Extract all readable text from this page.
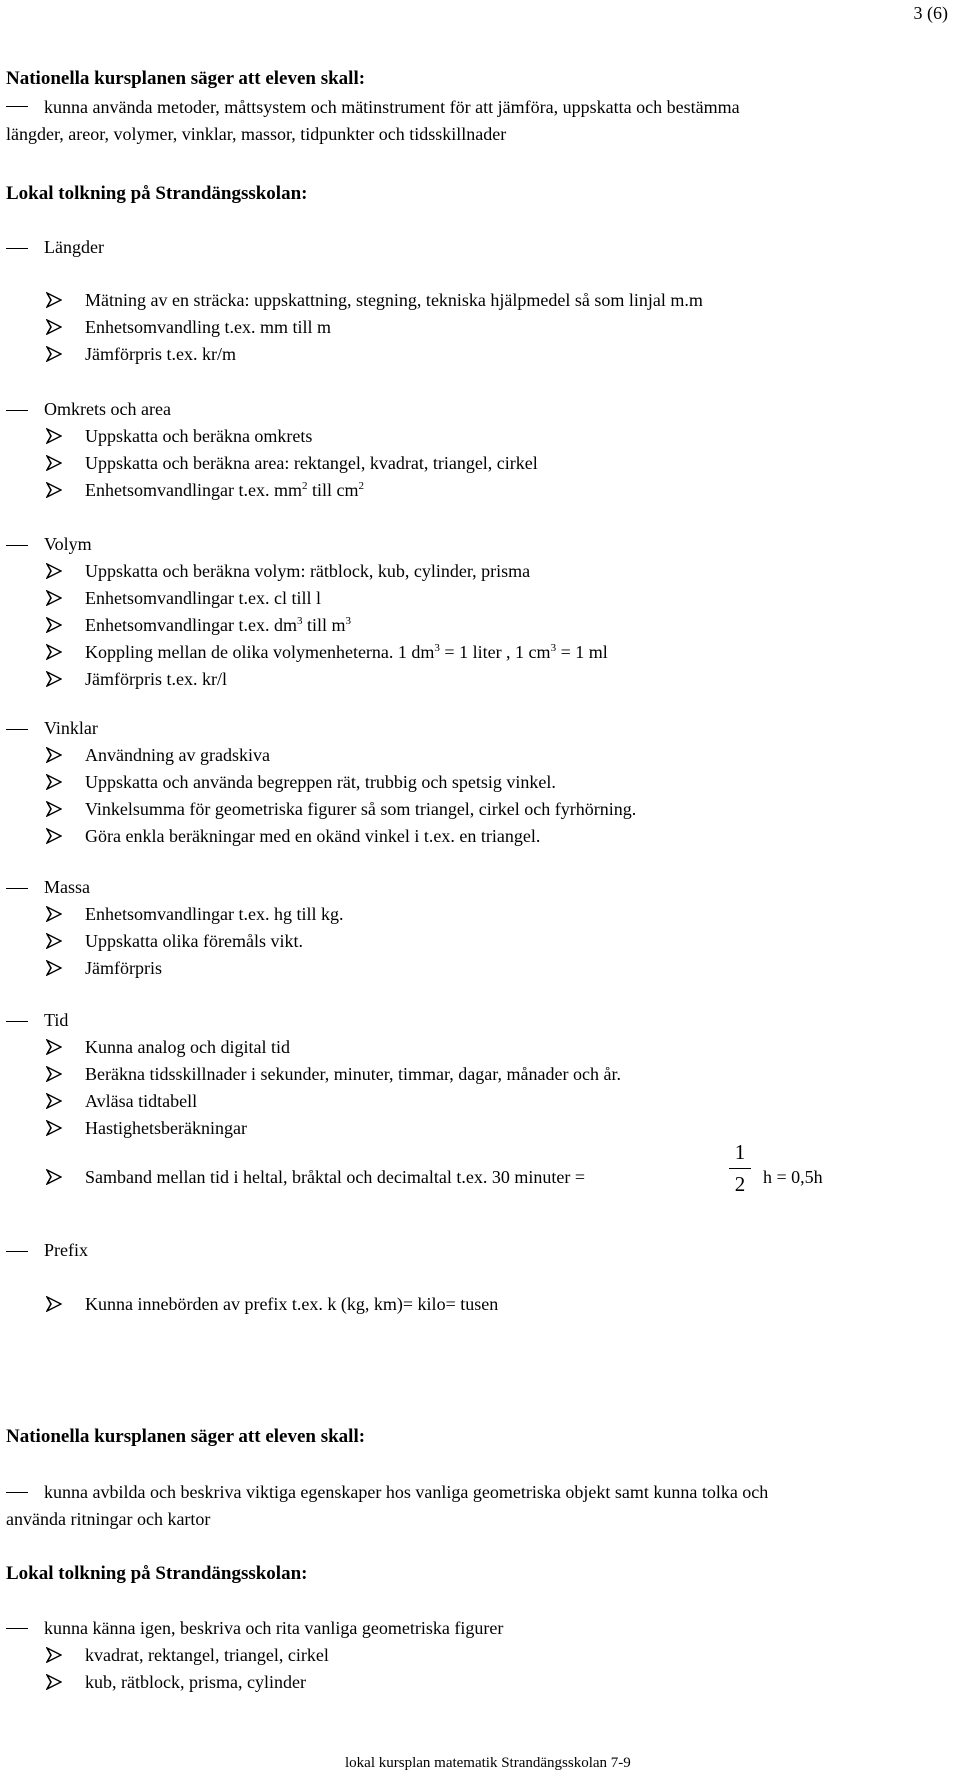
3 (6)
Nationella kursplanen säger att eleven skall:
kunna använda metoder, måttsystem och mätinstrument för att jämföra, uppskatta och bestämma
längder, areor, volymer, vinklar, massor, tidpunkter och tidsskillnader
Lokal tolkning på Strandängsskolan:
Längder
Mätning av en sträcka: uppskattning, stegning, tekniska hjälpmedel så som linjal m.m
Enhetsomvandling t.ex. mm till m
Jämförpris t.ex. kr/m
Omkrets och area
Uppskatta och beräkna omkrets
Uppskatta och beräkna area: rektangel, kvadrat, triangel, cirkel
Enhetsomvandlingar t.ex. $mm^2$ till $cm^2$
Volym
Uppskatta och beräkna volym: rätblock, kub, cylinder, prisma
Enhetsomvandlingar t.ex. cl till l
Enhetsomvandlingar t.ex. $dm^3$ till $m^3$
Koppling mellan de olika volymenheterna. 1 $dm^3 = 1$ liter , 1 $cm^3 = 1$ ml
Jämförpris t.ex. kr/l
Vinklar
Användning av gradskiva
Uppskatta och använda begreppen rät, trubbig och spetsig vinkel.
Vinkelsumma för geometriska figurer så som triangel, cirkel och fyrhörning.
Göra enkla beräkningar med en okänd vinkel i t.ex. en triangel.
Massa
Enhetsomvandlingar t.ex. hg till kg.
Uppskatta olika föremåls vikt.
Jämförpris
Tid
Kunna analog och digital tid
Beräkna tidsskillnader i sekunder, minuter, timmar, dagar, månader och år.
Avläsa tidtabell
Hastighetsberäkningar
Samband mellan tid i heltal, bråktal och decimaltal t.ex. 30 minuter =
1
2 h = 0,5h
Prefix
Kunna innebörden av prefix t.ex. k (kg, km)= kilo= tusen
Nationella kursplanen säger att eleven skall:
kunna avbilda och beskriva viktiga egenskaper hos vanliga geometriska objekt samt kunna tolka och
använda ritningar och kartor
Lokal tolkning på Strandängsskolan:
kunna känna igen, beskriva och rita vanliga geometriska figurer
kvadrat, rektangel, triangel, cirkel
kub, rätblock, prisma, cylinder
lokal kursplan matematik Strandängsskolan 7-9
